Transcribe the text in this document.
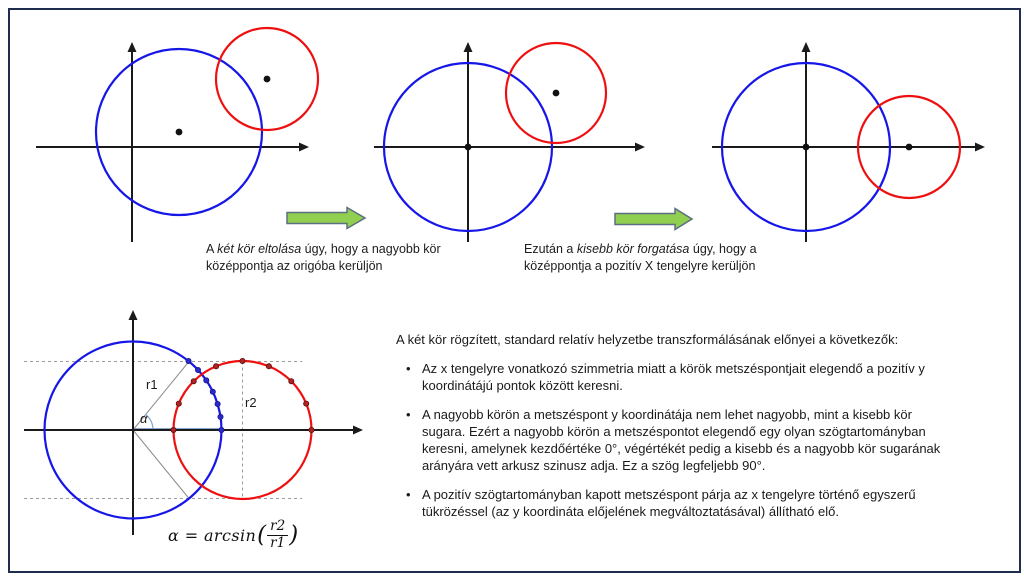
A két kör eltolása úgy, hogy a nagyobb kör középpontja az origóba kerüljön
Ezután a kisebb kör forgatása úgy, hogy a középpontja a pozitív X tengelyre kerüljön

A két kör rögzített, standard relatív helyzetbe transzformálásának előnyei a következők:

• Az x tengelyre vonatkozó szimmetria miatt a körök metszéspontjait elegendő a pozitív y koordinátájú pontok között keresni.
• A nagyobb körön a metszéspont y koordinátája nem lehet nagyobb, mint a kisebb kör sugara. Ezért a nagyobb körön a metszéspontot elegendő egy olyan szögtartományban keresni, amelynek kezdőértéke 0°, végértékét pedig a kisebb és a nagyobb kör sugarának arányára vett arkusz szinusz adja. Ez a szög legfeljebb 90°.
• A pozitív szögtartományban kapott metszéspont párja az x tengelyre történő egyszerű tükrözéssel (az y koordináta előjelének megváltoztatásával) állítható elő.
r1
r2
α
α = arcsin ( $\frac{r2}{r1}$ )
